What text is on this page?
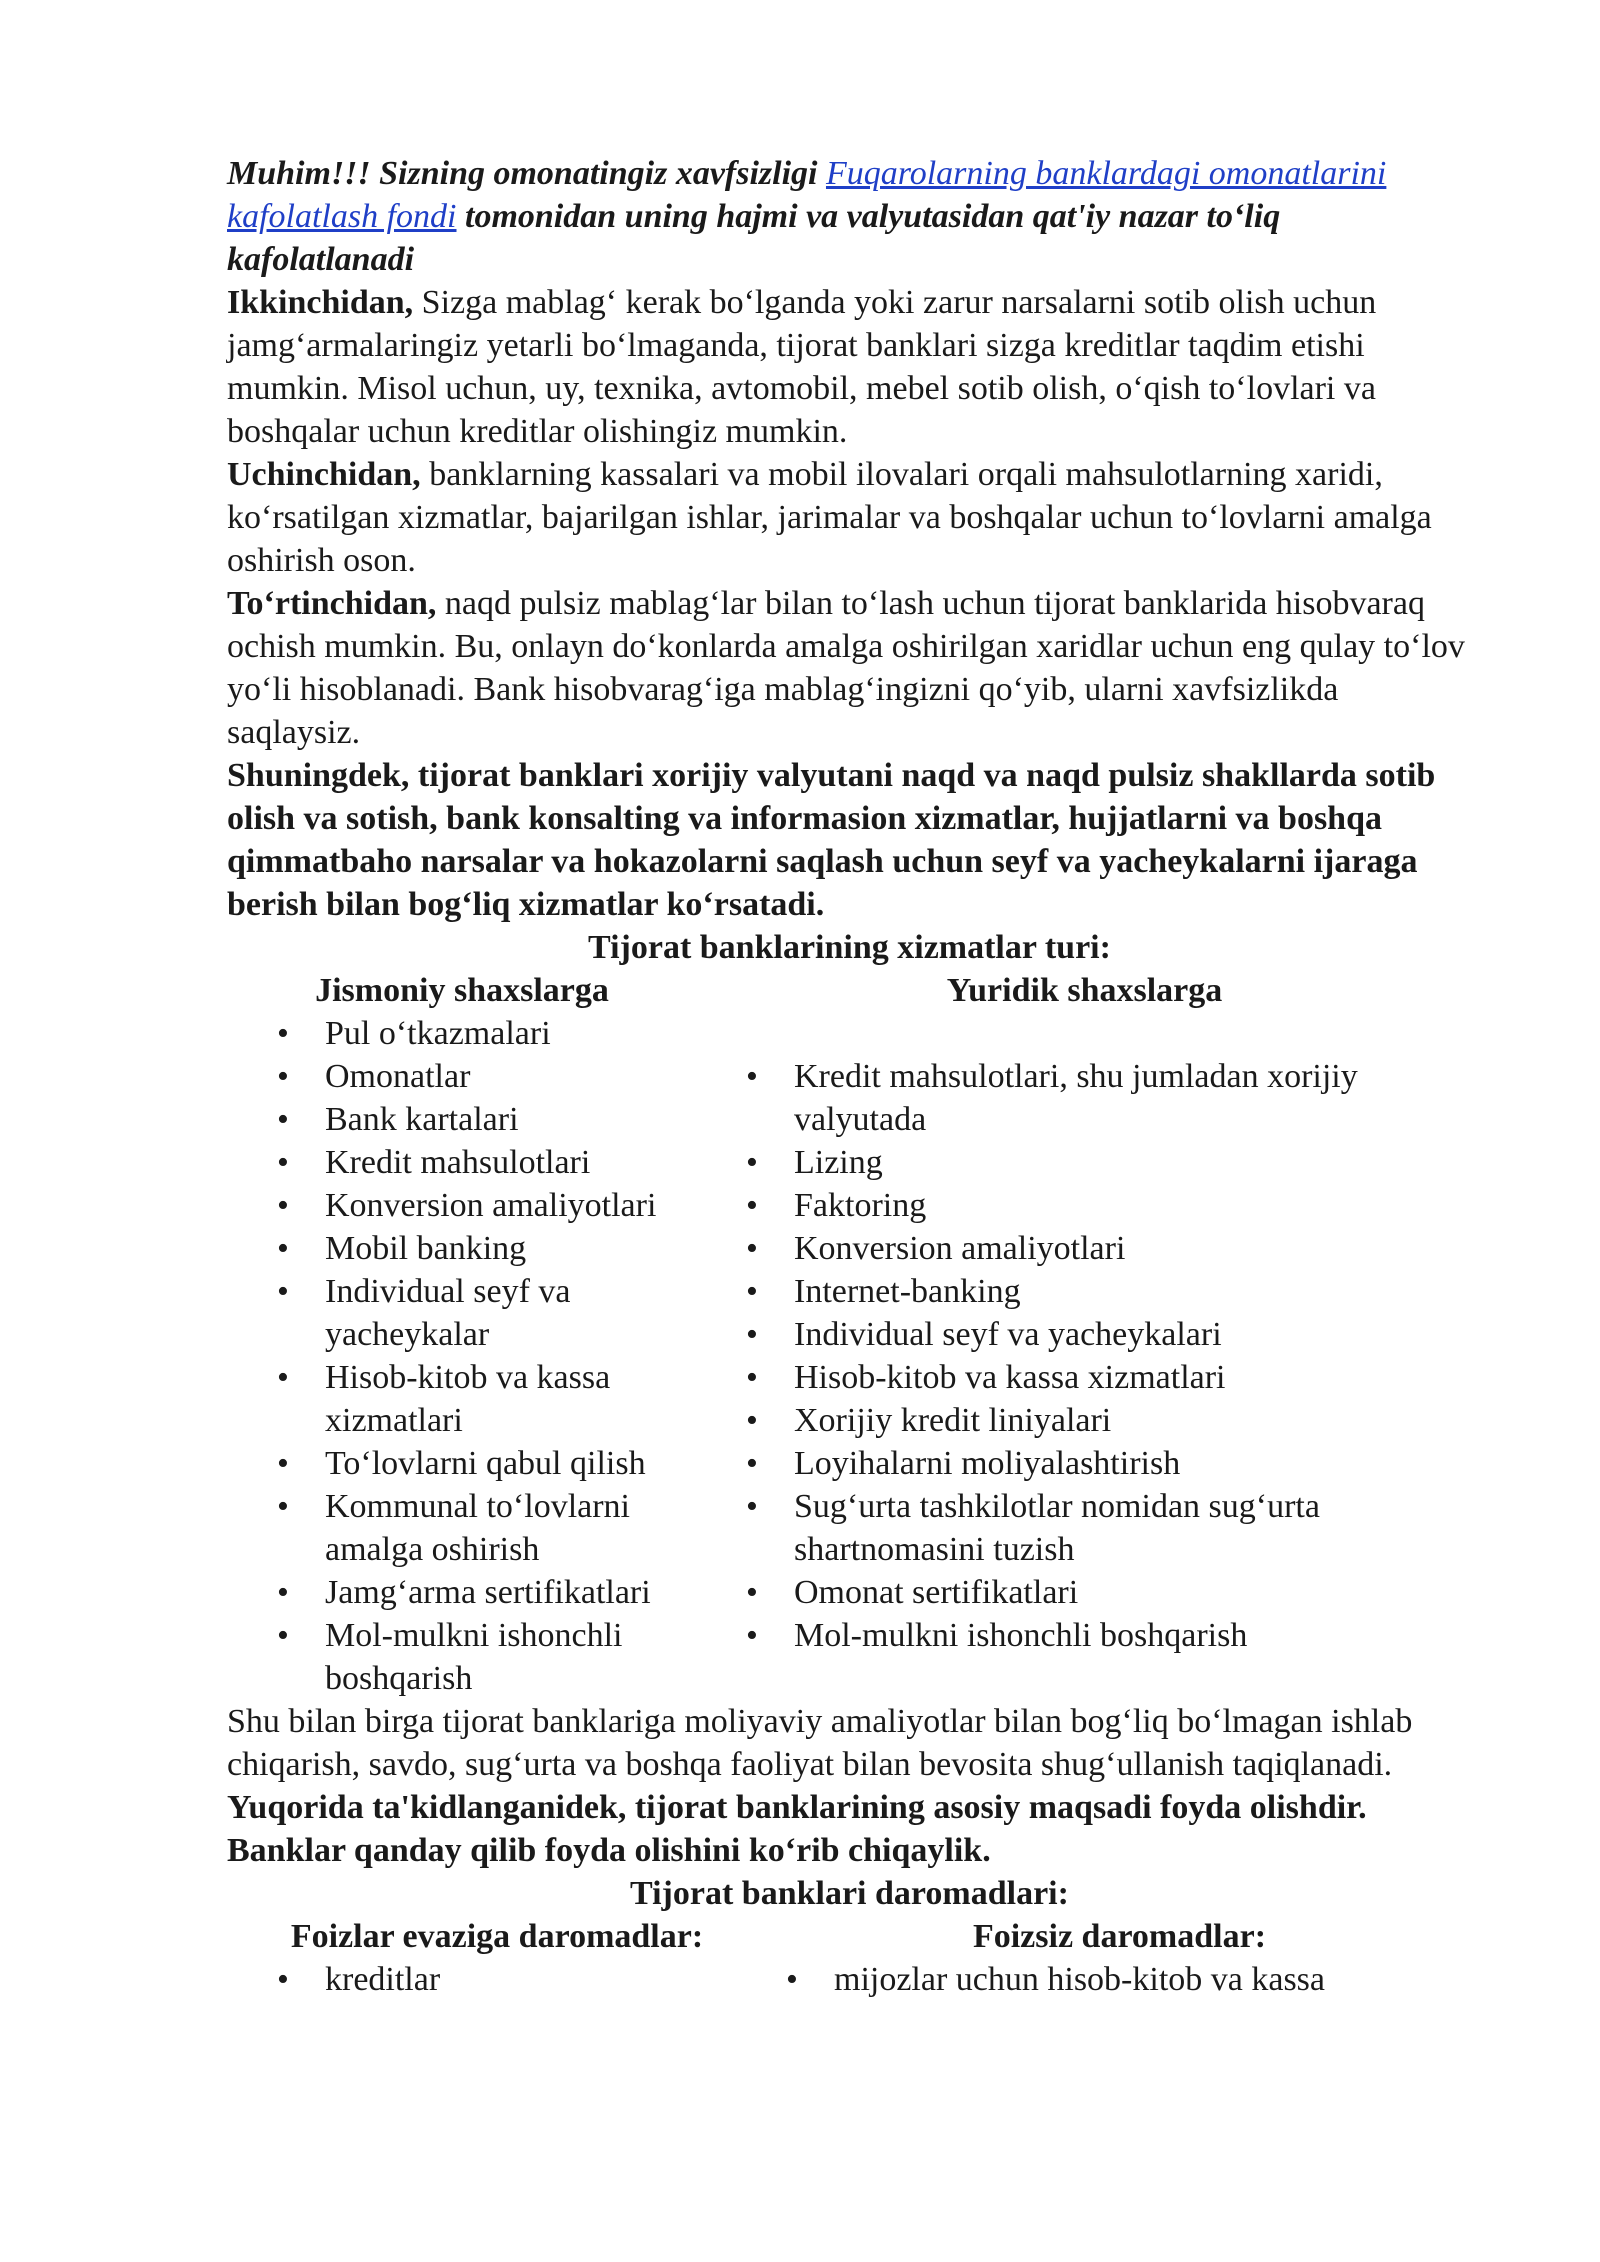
Muhim!!! Sizning omonatingiz xavfsizligi Fuqarolarning banklardagi omonatlarini kafolatlash fondi tomonidan uning hajmi va valyutasidan qat'iy nazar to‘liq kafolatlanadi

Ikkinchidan, Sizga mablag‘ kerak bo‘lganda yoki zarur narsalarni sotib olish uchun jamg‘armalaringiz yetarli bo‘lmaganda, tijorat banklari sizga kreditlar taqdim etishi mumkin. Misol uchun, uy, texnika, avtomobil, mebel sotib olish, o‘qish to‘lovlari va boshqalar uchun kreditlar olishingiz mumkin.

Uchinchidan, banklarning kassalari va mobil ilovalari orqali mahsulotlarning xaridi, ko‘rsatilgan xizmatlar, bajarilgan ishlar, jarimalar va boshqalar uchun to‘lovlarni amalga oshirish oson.

To‘rtinchidan, naqd pulsiz mablag‘lar bilan to‘lash uchun tijorat banklarida hisobvaraq ochish mumkin. Bu, onlayn do‘konlarda amalga oshirilgan xaridlar uchun eng qulay to‘lov yo‘li hisoblanadi. Bank hisobvarag‘iga mablag‘ingizni qo‘yib, ularni xavfsizlikda saqlaysiz.

Shuningdek, tijorat banklari xorijiy valyutani naqd va naqd pulsiz shakllarda sotib olish va sotish, bank konsalting va informasion xizmatlar, hujjatlarni va boshqa qimmatbaho narsalar va hokazolarni saqlash uchun seyf va yacheykalarni ijaraga berish bilan bog‘liq xizmatlar ko‘rsatadi.

Tijorat banklarining xizmatlar turi:

Jismoniy shaxslarga
• Pul o‘tkazmalari
• Omonatlar
• Bank kartalari
• Kredit mahsulotlari
• Konversion amaliyotlari
• Mobil banking
• Individual seyf va yacheykalar
• Hisob-kitob va kassa xizmatlari
• To‘lovlarni qabul qilish
• Kommunal to‘lovlarni amalga oshirish
• Jamg‘arma sertifikatlari
• Mol-mulkni ishonchli boshqarish
Yuridik shaxslarga
• Kredit mahsulotlari, shu jumladan xorijiy valyutada
• Lizing
• Faktoring
• Konversion amaliyotlari
• Internet-banking
• Individual seyf va yacheykalari
• Hisob-kitob va kassa xizmatlari
• Xorijiy kredit liniyalari
• Loyihalarni moliyalashtirish
• Sug‘urta tashkilotlar nomidan sug‘urta shartnomasini tuzish
• Omonat sertifikatlari
• Mol-mulkni ishonchli boshqarish

Shu bilan birga tijorat banklariga moliyaviy amaliyotlar bilan bog‘liq bo‘lmagan ishlab chiqarish, savdo, sug‘urta va boshqa faoliyat bilan bevosita shug‘ullanish taqiqlanadi.

Yuqorida ta'kidlanganidek, tijorat banklarining asosiy maqsadi foyda olishdir. Banklar qanday qilib foyda olishini ko‘rib chiqaylik.

Tijorat banklari daromadlari:

Foizlar evaziga daromadlar:
• kreditlar
Foizsiz daromadlar:
• mijozlar uchun hisob-kitob va kassa
